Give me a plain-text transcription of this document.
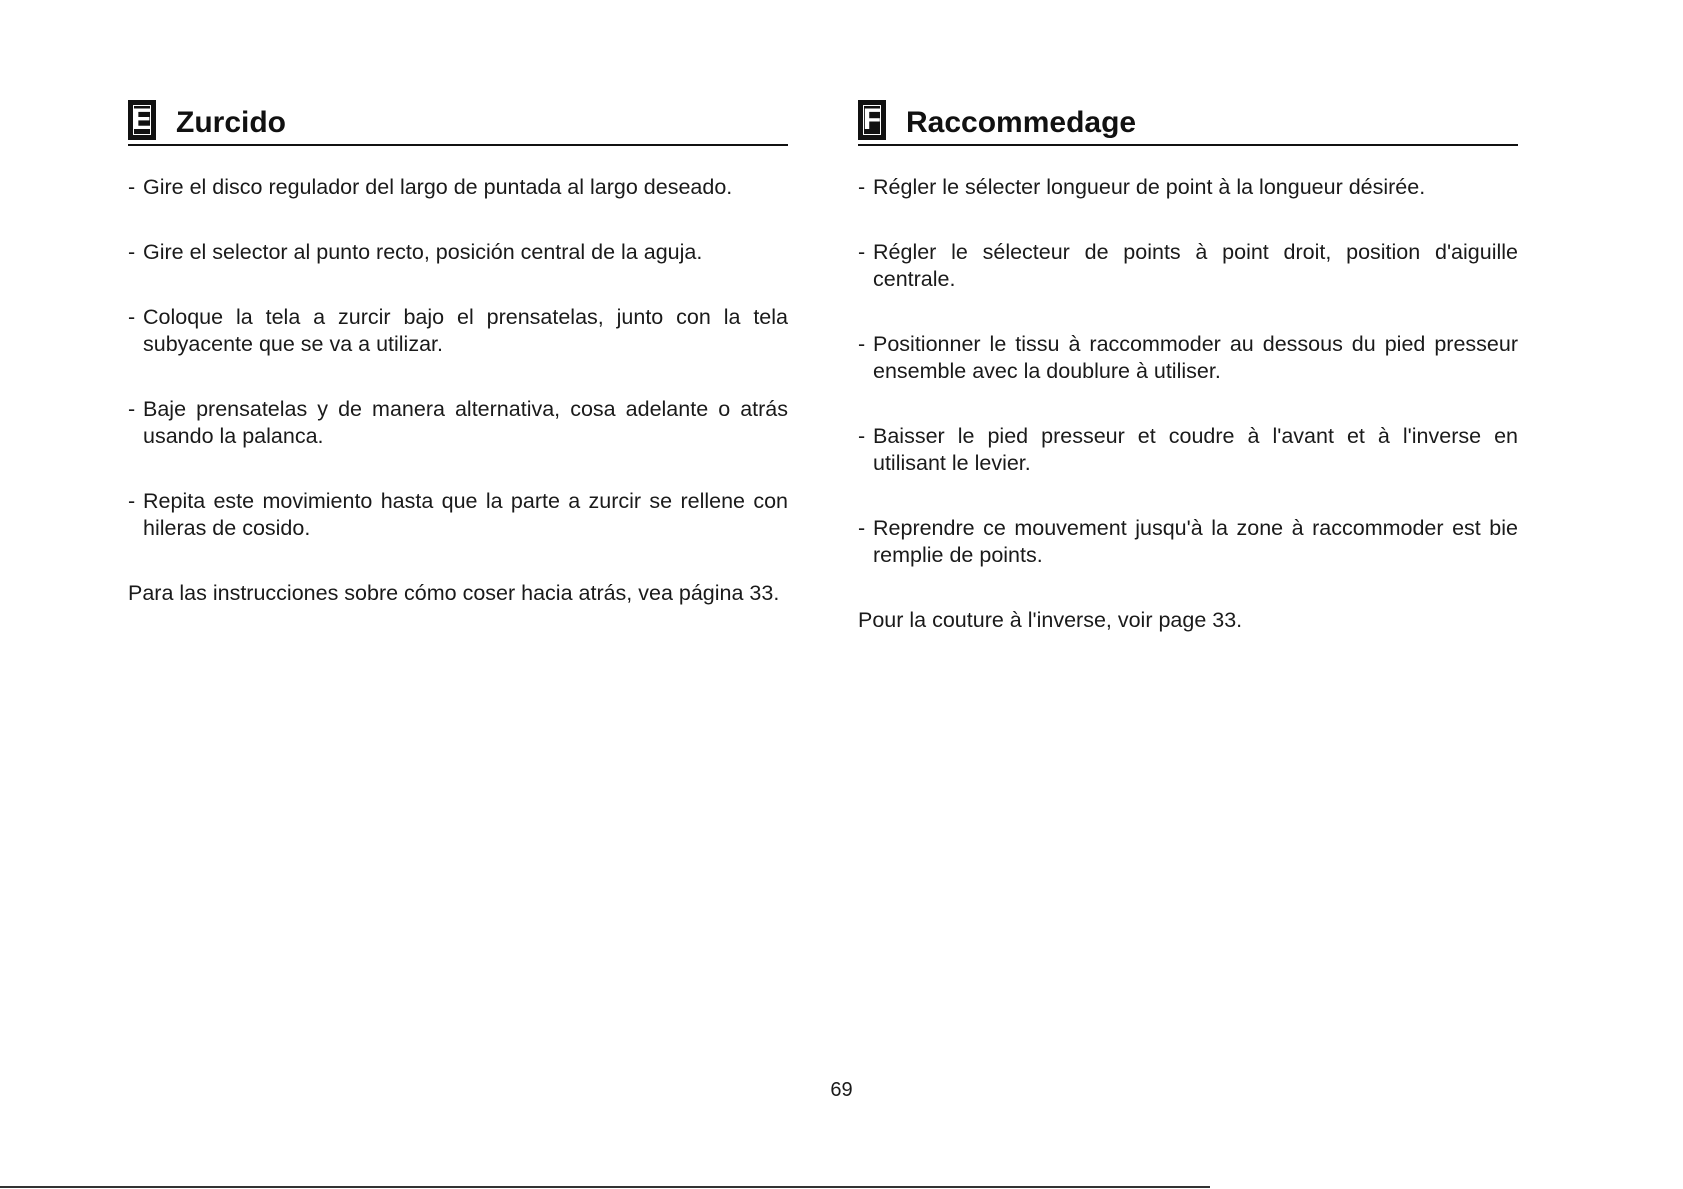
E Zurcido
- Gire el disco regulador del largo de puntada al largo deseado.
- Gire el selector al punto recto, posición central de la aguja.
- Coloque la tela a zurcir bajo el prensatelas, junto con la tela subyacente que se va a utilizar.
- Baje prensatelas y de manera alternativa, cosa adelante o atrás usando la palanca.
- Repita este movimiento hasta que la parte a zurcir se rellene con hileras de cosido.

Para las instrucciones sobre cómo coser hacia atrás, vea página 33.

F Raccommedage
- Régler le sélecter longueur de point à la longueur désirée.
- Régler le sélecteur de points à point droit, position d'aiguille centrale.
- Positionner le tissu à raccommoder au dessous du pied presseur ensemble avec la doublure à utiliser.
- Baisser le pied presseur et coudre à l'avant et à l'inverse en utilisant le levier.
- Reprendre ce mouvement jusqu'à la zone à raccommoder est bie remplie de points.

Pour la couture à l'inverse, voir page 33.

69
